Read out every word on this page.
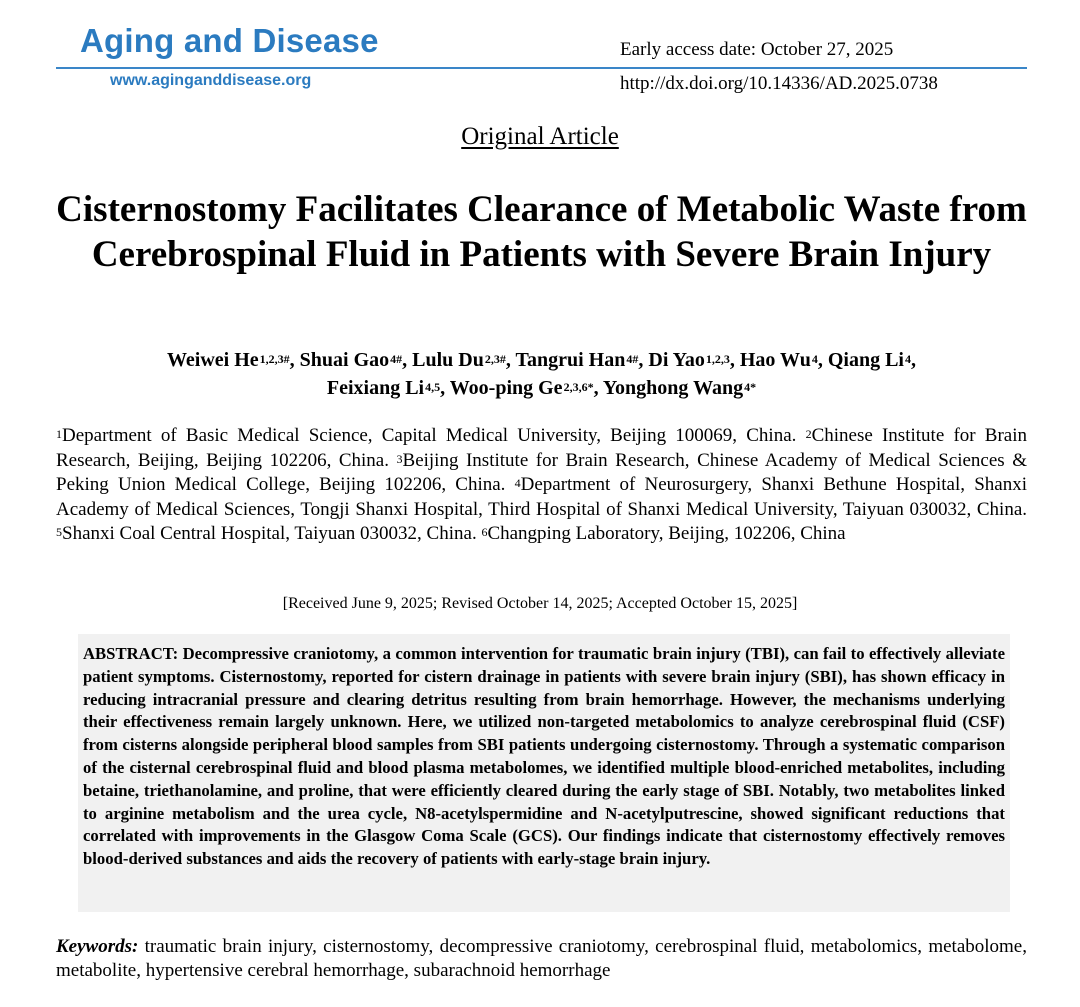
Aging and Disease
www.aginganddisease.org
Early access date: October 27, 2025
http://dx.doi.org/10.14336/AD.2025.0738
Original Article
Cisternostomy Facilitates Clearance of Metabolic Waste from Cerebrospinal Fluid in Patients with Severe Brain Injury
Weiwei $He^{1,2,3\#}$, Shuai Gao$^{4\#}$, Lulu $Du^{2,3\#}$, Tangrui Han$^{4\#}$, Di Yao$^{1,2,3}$, Hao Wu$^4$, Qiang Li$^4$,
Feixiang Li$^{4,5}$, Woo-ping $Ge^{2,3,6*}$, Yonghong Wang$^{4*}$
$^1$Department of Basic Medical Science, Capital Medical University, Beijing 100069, China. $^2$Chinese Institute for Brain Research, Beijing, Beijing 102206, China. $^3$Beijing Institute for Brain Research, Chinese Academy of Medical Sciences & Peking Union Medical College, Beijing 102206, China. $^4$Department of Neurosurgery, Shanxi Bethune Hospital, Shanxi Academy of Medical Sciences, Tongji Shanxi Hospital, Third Hospital of Shanxi Medical University, Taiyuan 030032, China. $^5$Shanxi Coal Central Hospital, Taiyuan 030032, China. $^6$Changping Laboratory, Beijing, 102206, China
[Received June 9, 2025; Revised October 14, 2025; Accepted October 15, 2025]
ABSTRACT: Decompressive craniotomy, a common intervention for traumatic brain injury (TBI), can fail to effectively alleviate patient symptoms. Cisternostomy, reported for cistern drainage in patients with severe brain injury (SBI), has shown efficacy in reducing intracranial pressure and clearing detritus resulting from brain hemorrhage. However, the mechanisms underlying their effectiveness remain largely unknown. Here, we utilized non-targeted metabolomics to analyze cerebrospinal fluid (CSF) from cisterns alongside peripheral blood samples from SBI patients undergoing cisternostomy. Through a systematic comparison of the cisternal cerebrospinal fluid and blood plasma metabolomes, we identified multiple blood-enriched metabolites, including betaine, triethanolamine, and proline, that were efficiently cleared during the early stage of SBI. Notably, two metabolites linked to arginine metabolism and the urea cycle, N8-acetylspermidine and N-acetylputrescine, showed significant reductions that correlated with improvements in the Glasgow Coma Scale (GCS). Our findings indicate that cisternostomy effectively removes blood-derived substances and aids the recovery of patients with early-stage brain injury.
Keywords: traumatic brain injury, cisternostomy, decompressive craniotomy, cerebrospinal fluid, metabolomics, metabolome, metabolite, hypertensive cerebral hemorrhage, subarachnoid hemorrhage
